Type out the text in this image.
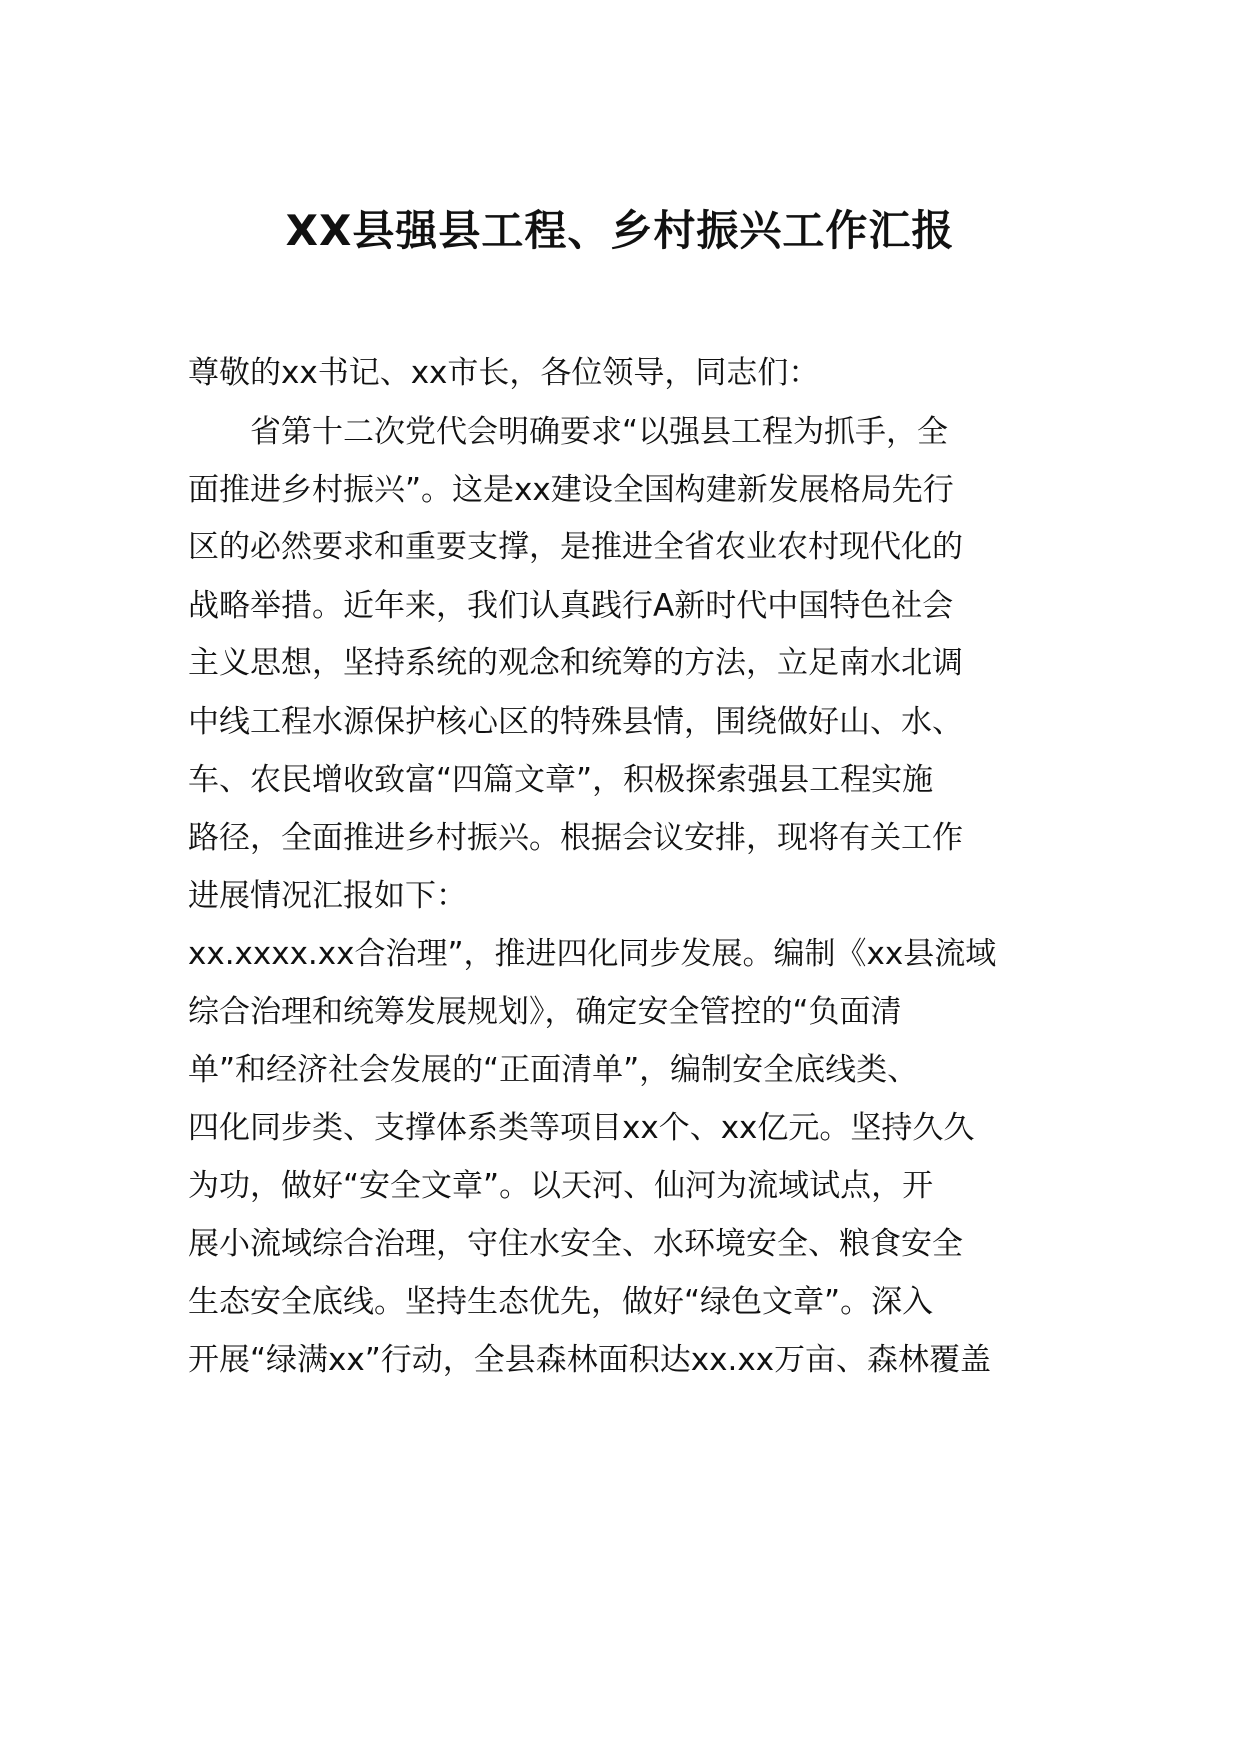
XX县强县工程、乡村振兴工作汇报
尊敬的xx书记、xx市长，各位领导，同志们：
省第十二次党代会明确要求“以强县工程为抓手，全
面推进乡村振兴”。这是xx建设全国构建新发展格局先行
区的必然要求和重要支撑，是推进全省农业农村现代化的
战略举措。近年来，我们认真践行A新时代中国特色社会
主义思想，坚持系统的观念和统筹的方法，立足南水北调
中线工程水源保护核心区的特殊县情，围绕做好山、水、
车、农民增收致富“四篇文章”，积极探索强县工程实施
路径，全面推进乡村振兴。根据会议安排，现将有关工作
进展情况汇报如下：
xx.xxxx.xx合治理”，推进四化同步发展。编制《xx县流域
综合治理和统筹发展规划》，确定安全管控的“负面清
单”和经济社会发展的“正面清单”，编制安全底线类、
四化同步类、支撑体系类等项目xx个、xx亿元。坚持久久
为功，做好“安全文章”。以天河、仙河为流域试点，开
展小流域综合治理，守住水安全、水环境安全、粮食安全
生态安全底线。坚持生态优先，做好“绿色文章”。深入
开展“绿满xx”行动，全县森林面积达xx.xx万亩、森林覆盖
